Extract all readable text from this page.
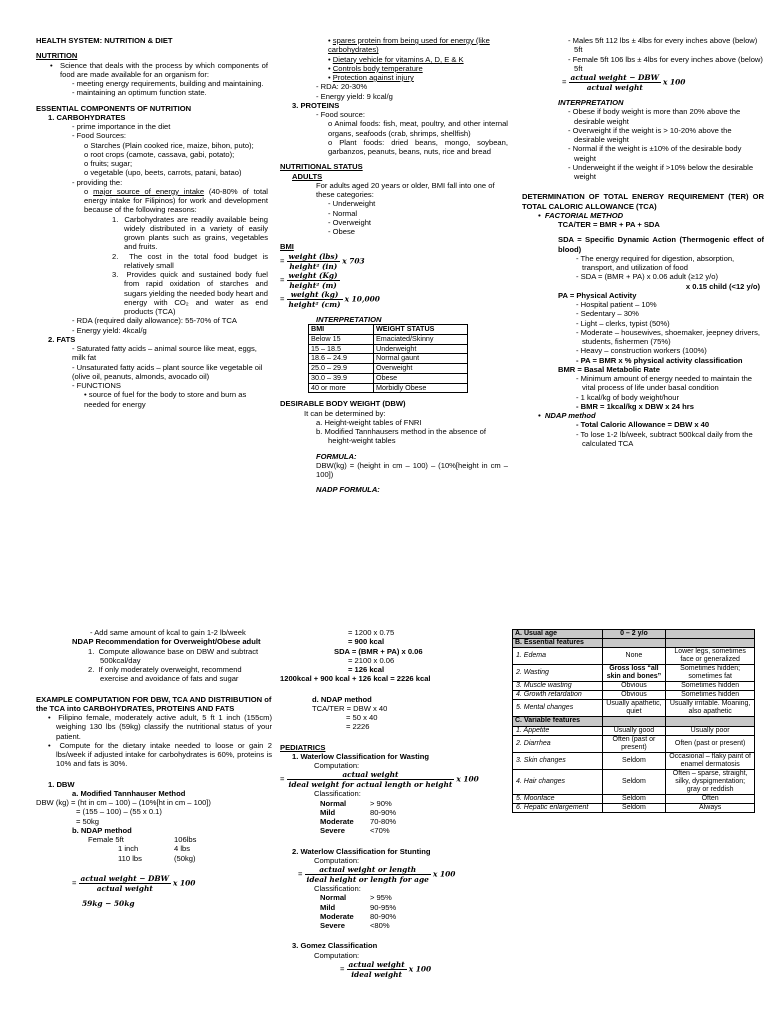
HEALTH SYSTEM: NUTRITION & DIET

NUTRITION

• Science that deals with the process by which components of food are made available for an organism for:

- meeting energy requirements, building and maintaining.

- maintaining an optimum function state.

ESSENTIAL COMPONENTS OF NUTRITION

1. CARBOHYDRATES

- prime importance in the diet

- Food Sources:

o Starches (Plain cooked rice, maize, bihon, puto);

o root crops (camote, cassava, gabi, potato);

o fruits; sugar;

o vegetable (upo, beets, carrots, patani, batao)

- providing the:

o major source of energy intake (40-80% of total energy intake for Filipinos) for work and development because of the following reasons:

1.  Carbohydrates are readily available being widely distributed in a variety of easily grown plants such as grains, vegetables and fruits.

2.  The cost in the total food budget is relatively small

3.  Provides quick and sustained body fuel from rapid oxidation of starches and sugars yielding the needed body heart and energy with CO₂ and water as end products (TCA)

- RDA (required daily allowance): 55-70% of TCA

- Energy yield: 4kcal/g

2. FATS

- Saturated fatty acids – animal source like meat, eggs, milk fat

- Unsaturated fatty acids – plant source like vegetable oil (olive oil, peanuts, almonds, avocado oil)

- FUNCTIONS

• source of fuel for the body to store and burn as needed for energy

• spares protein from being used for energy (like carbohydrates)

• Dietary vehicle for vitamins A, D, E & K

• Controls body temperature

• Protection against injury

- RDA: 20-30%

- Energy yield: 9 kcal/g

3. PROTEINS

- Food source:

o Animal foods: fish, meat, poultry, and other internal organs, seafoods (crab, shrimps, shellfish)

o Plant foods: dried beans, mongo, soybean, garbanzos, peanuts, beans, nuts, rice and bread

NUTRITIONAL STATUS

ADULTS

For adults aged 20 years or older, BMI fall into one of these categories:

- Underweight

- Normal

- Overweight

- Obese

BMI

= $\frac{\text{weight (lbs)}}{\text{height² (in)}}$ x 703

= $\frac{\text{weight (Kg)}}{\text{height² (m)}}$

= $\frac{\text{weight (kg)}}{\text{height² (cm)}}$ x 10,000

INTERPRETATION

BMI	WEIGHT STATUS
Below 15	Emaciated/Skinny
15 – 18.5	Underweight
18.6 – 24.9	Normal gaunt
25.0 – 29.9	Overweight
30.0 – 39.9	Obese
40 or more	Morbidly Obese

DESIRABLE BODY WEIGHT (DBW)

It can be determined by:

a. Height-weight tables of FNRI

b. Modified Tannhausers method in the absence of height-weight tables

FORMULA:

DBW(kg) = (height in cm – 100) – (10%[height in cm – 100])

NADP FORMULA:

- Males 5ft 112 lbs ± 4lbs for every inches above (below) 5ft

- Female 5ft 106 lbs ± 4lbs for every inches above (below) 5ft

= $\frac{\text{actual weight − DBW}}{\text{actual weight}}$ x 100

INTERPRETATION

- Obese if body weight is more than 20% above the desirable weight

- Overweight if the weight is > 10-20% above the desirable weight

- Normal if the weight is ±10% of the desirable body weight

- Underweight if the weight if >10% below the desirable weight

DETERMINATION OF TOTAL ENERGY REQUIREMENT (TER) OR TOTAL CALORIC ALLOWANCE (TCA)

•  FACTORIAL METHOD

TCA/TER = BMR + PA + SDA

SDA = Specific Dynamic Action (Thermogenic effect of blood)

- The energy required for digestion, absorption, transport, and utilization of food

- SDA = (BMR + PA) x 0.06 adult (≥12 y/o)

x 0.15 child (<12 y/o)

PA = Physical Activity

- Hospital patient – 10%

- Sedentary – 30%

- Light – clerks, typist (50%)

- Moderate – housewives, shoemaker, jeepney drivers, students, fishermen (75%)

- Heavy – construction workers (100%)

- PA = BMR x % physical activity classification

BMR = Basal Metabolic Rate

- Minimum amount of energy needed to maintain the vital process of life under basal condition

- 1 kcal/kg of body weight/hour

- BMR = 1kcal/kg x DBW x 24 hrs

•  NDAP method

- Total Caloric Allowance = DBW x 40

- To lose 1-2 lb/week, subtract 500kcal daily from the calculated TCA

- Add same amount of kcal to gain 1-2 lb/week

NDAP Recommendation for Overweight/Obese adult

1.  Compute allowance base on DBW and subtract 500kcal/day

2.  If only moderately overweight, recommend exercise and avoidance of fats and sugar

EXAMPLE COMPUTATION FOR DBW, TCA AND DISTRIBUTION of the TCA into CARBOHYDRATES, PROTEINS AND FATS

•  Filipino female, moderately active adult, 5 ft 1 inch (155cm) weighing 130 lbs (59kg) classify the nutritional status of your patient.

•  Compute for the dietary intake needed to loose or gain 2 lbs/week if adjusted intake for carbohydrates is 60%, proteins is 10% and fats is 30%.

1. DBW

a. Modified Tannhauser Method

DBW (kg) = (ht in cm – 100) – (10%[ht in cm – 100])

= (155 – 100) – (55 x 0.1)

= 50kg

b. NDAP method

Female 5ft	106lbs
1 inch	4 lbs
110 lbs	(50kg)

= $\frac{\text{actual weight − DBW}}{\text{actual weight}}$ x 100

59kg − 50kg

= 1200 x 0.75

= 900 kcal

SDA = (BMR + PA) x 0.06

= 2100 x 0.06

= 126 kcal

1200kcal + 900 kcal + 126 kcal = 2226 kcal

d. NDAP method

TCA/TER = DBW x 40

= 50 x 40

= 2226

PEDIATRICS

1. Waterlow Classification for Wasting

Computation:

= $\frac{\text{actual weight}}{\text{ideal weight for actual length or height}}$ x 100

Classification:

Normal	> 90%
Mild	80-90%
Moderate	70-80%
Severe	<70%

2. Waterlow Classification for Stunting

Computation:

= $\frac{\text{actual weight or length}}{\text{ideal height or length for age}}$ x 100

Classification:

Normal	> 95%
Mild	90-95%
Moderate	80-90%
Severe	<80%

3. Gomez Classification

Computation:

= $\frac{\text{actual weight}}{\text{ideal weight}}$ x 100

A. Usual age	0 – 2 y/o	
B. Essential features		
1. Edema	None	Lower legs, sometimes face or generalized
2. Wasting	Gross loss “all skin and bones”	Sometimes hidden; sometimes fat
3. Muscle wasting	Obvious	Sometimes hidden
4. Growth retardation	Obvious	Sometimes hidden
5. Mental changes	Usually apathetic, quiet	Usually irritable. Moaning, also apathetic
C. Variable features		
1. Appetite	Usually good	Usually poor
2. Diarrhea	Often (past or present)	Often (past or present)
3. Skin changes	Seldom	Occasional – flaky paint of enamel dermatosis
4. Hair changes	Seldom	Often – sparse, straight, silky, dyspigmentation; gray or reddish
5. Moonface	Seldom	Often
6. Hepatic enlargement	Seldom	Always
